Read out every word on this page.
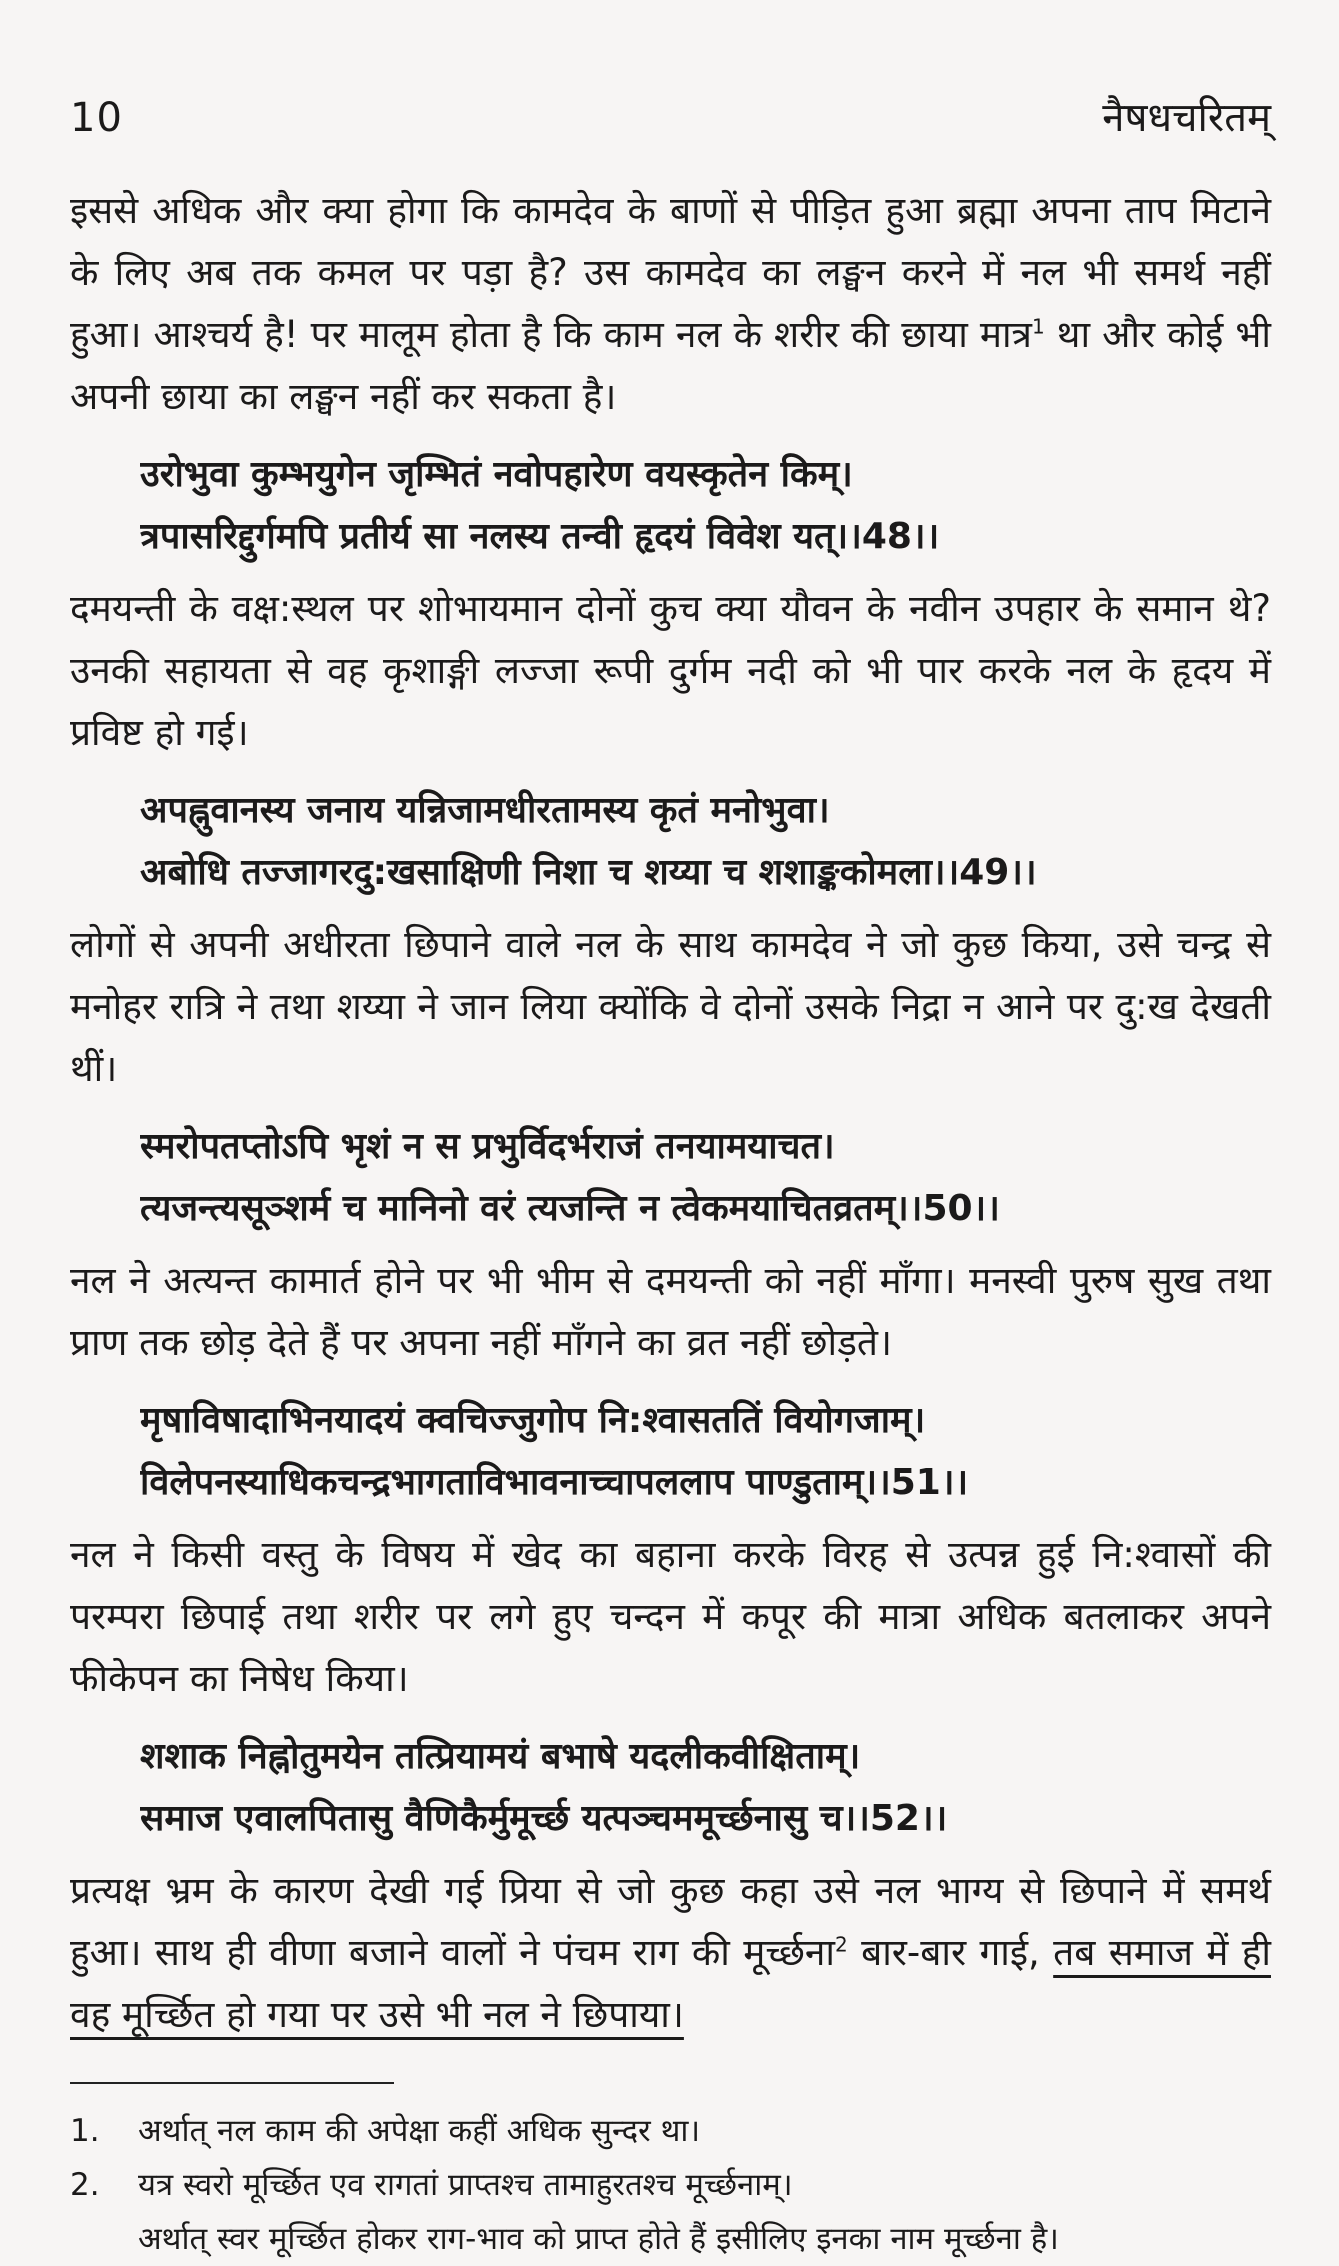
10	नैषधचरितम्

इससे अधिक और क्या होगा कि कामदेव के बाणों से पीड़ित हुआ ब्रह्मा अपना ताप मिटाने के लिए अब तक कमल पर पड़ा है? उस कामदेव का लङ्घन करने में नल भी समर्थ नहीं हुआ। आश्चर्य है! पर मालूम होता है कि काम नल के शरीर की छाया मात्र$^1$ था और कोई भी अपनी छाया का लङ्घन नहीं कर सकता है।

उरोभुवा कुम्भयुगेन जृम्भितं नवोपहारेण वयस्कृतेन किम्।
त्रपासरिद्दुर्गमपि प्रतीर्य सा नलस्य तन्वी हृदयं विवेश यत्।।48।।

दमयन्ती के वक्ष:स्थल पर शोभायमान दोनों कुच क्या यौवन के नवीन उपहार के समान थे? उनकी सहायता से वह कृशाङ्गी लज्जा रूपी दुर्गम नदी को भी पार करके नल के हृदय में प्रविष्ट हो गई।

अपह्नुवानस्य जनाय यन्निजामधीरतामस्य कृतं मनोभुवा।
अबोधि तज्जागरदु:खसाक्षिणी निशा च शय्या च शशाङ्ककोमला।।49।।

लोगों से अपनी अधीरता छिपाने वाले नल के साथ कामदेव ने जो कुछ किया, उसे चन्द्र से मनोहर रात्रि ने तथा शय्या ने जान लिया क्योंकि वे दोनों उसके निद्रा न आने पर दु:ख देखती थीं।

स्मरोपतप्तोऽपि भृशं न स प्रभुर्विदर्भराजं तनयामयाचत।
त्यजन्त्यसूञ्शर्म च मानिनो वरं त्यजन्ति न त्वेकमयाचितव्रतम्।।50।।

नल ने अत्यन्त कामार्त होने पर भी भीम से दमयन्ती को नहीं माँगा। मनस्वी पुरुष सुख तथा प्राण तक छोड़ देते हैं पर अपना नहीं माँगने का व्रत नहीं छोड़ते।

मृषाविषादाभिनयादयं क्वचिज्जुगोप नि:श्वासततिं वियोगजाम्।
विलेपनस्याधिकचन्द्रभागताविभावनाच्चापललाप पाण्डुताम्।।51।।

नल ने किसी वस्तु के विषय में खेद का बहाना करके विरह से उत्पन्न हुई नि:श्वासों की परम्परा छिपाई तथा शरीर पर लगे हुए चन्दन में कपूर की मात्रा अधिक बतलाकर अपने फीकेपन का निषेध किया।

शशाक निह्नोतुमयेन तत्प्रियामयं बभाषे यदलीकवीक्षिताम्।
समाज एवालपितासु वैणिकैर्मुमूर्च्छ यत्पञ्चममूर्च्छनासु च।।52।।

प्रत्यक्ष भ्रम के कारण देखी गई प्रिया से जो कुछ कहा उसे नल भाग्य से छिपाने में समर्थ हुआ। साथ ही वीणा बजाने वालों ने पंचम राग की मूर्च्छना$^2$ बार-बार गाई, तब समाज में ही वह मूर्च्छित हो गया पर उसे भी नल ने छिपाया।

1.	अर्थात् नल काम की अपेक्षा कहीं अधिक सुन्दर था।
2.	यत्र स्वरो मूर्च्छित एव रागतां प्राप्तश्च तामाहुरतश्च मूर्च्छनाम्।
अर्थात् स्वर मूर्च्छित होकर राग-भाव को प्राप्त होते हैं इसीलिए इनका नाम मूर्च्छना है।
